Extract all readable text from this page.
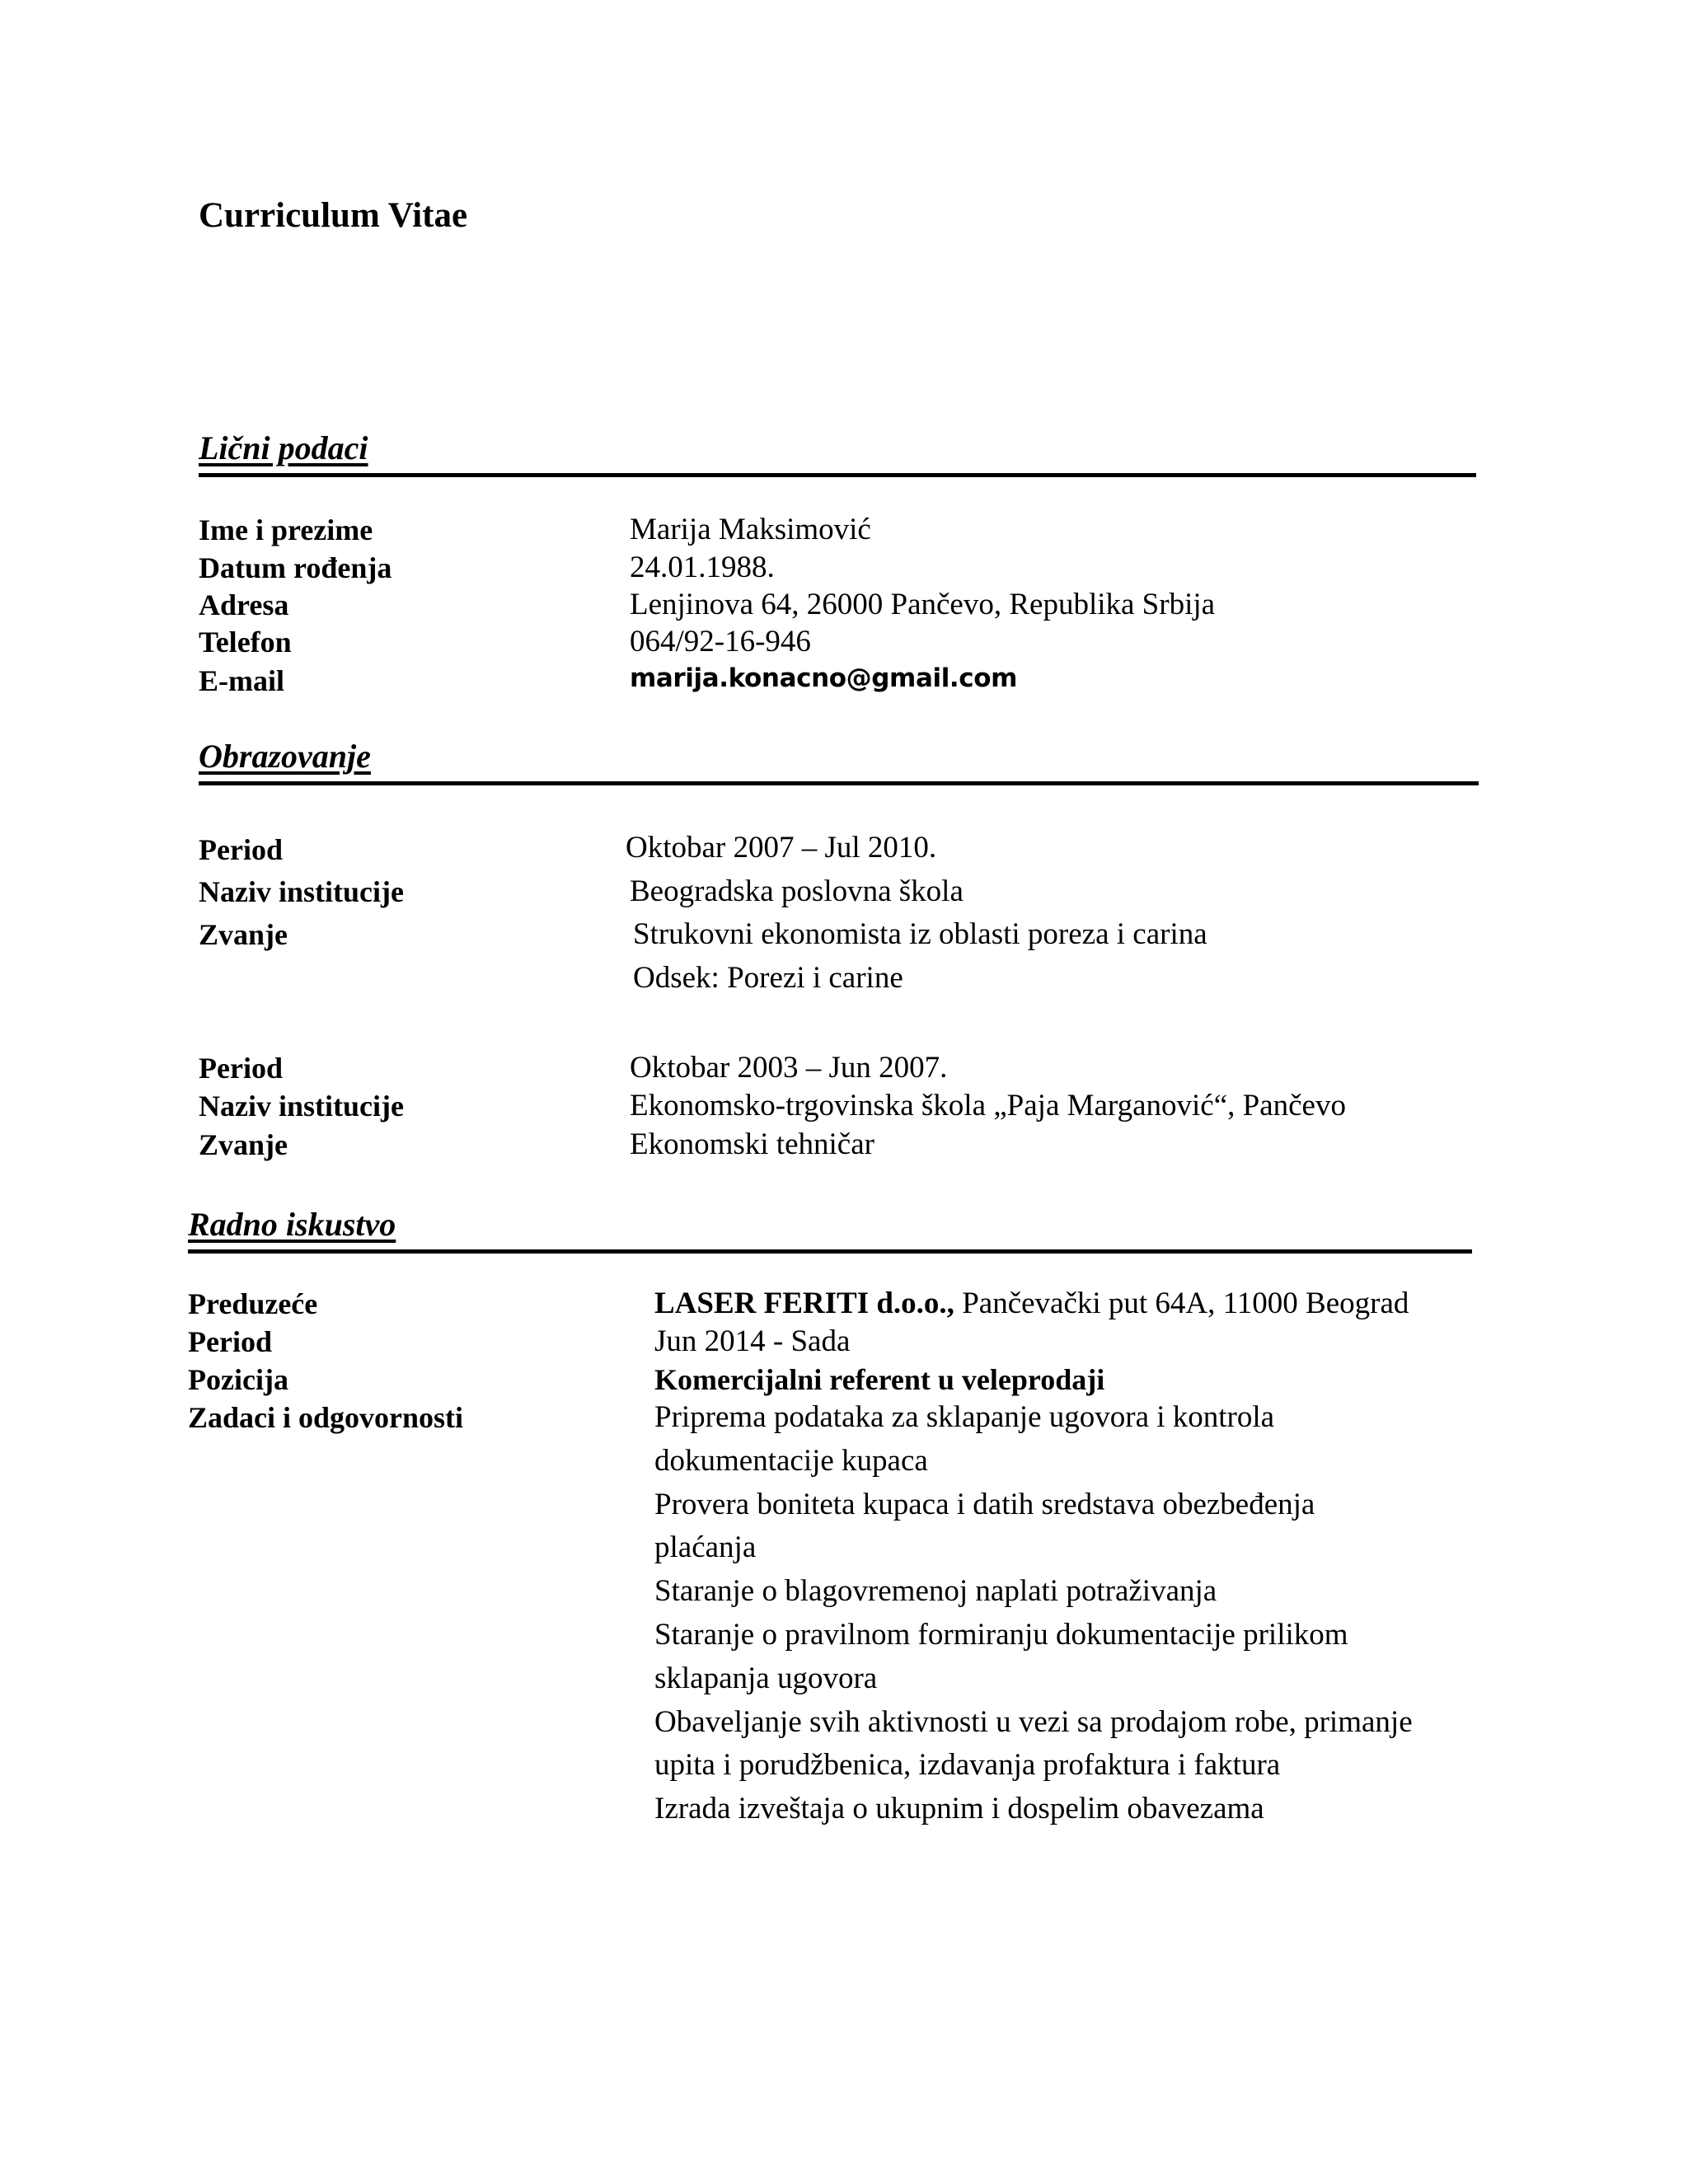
Curriculum Vitae
Lični podaci
Ime i prezime	Marija Maksimović
Datum rođenja	24.01.1988.
Adresa	Lenjinova 64, 26000 Pančevo, Republika Srbija
Telefon	064/92-16-946
E-mail	marija.konacno@gmail.com
Obrazovanje
Period	Oktobar 2007 – Jul 2010.
Naziv institucije	Beogradska poslovna škola
Zvanje	Strukovni ekonomista iz oblasti poreza i carina
Odsek: Porezi i carine
Period	Oktobar 2003 – Jun 2007.
Naziv institucije	Ekonomsko-trgovinska škola „Paja Marganović“, Pančevo
Zvanje	Ekonomski tehničar
Radno iskustvo
Preduzeće	LASER FERITI d.o.o., Pančevački put 64A, 11000 Beograd
Period	Jun 2014 - Sada
Pozicija	Komercijalni referent u veleprodaji
Zadaci i odgovornosti	Priprema podataka za sklapanje ugovora i kontrola
dokumentacije kupaca
Provera boniteta kupaca i datih sredstava obezbeđenja
plaćanja
Staranje o blagovremenoj naplati potraživanja
Staranje o pravilnom formiranju dokumentacije prilikom
sklapanja ugovora
Obaveljanje svih aktivnosti u vezi sa prodajom robe, primanje
upita i porudžbenica, izdavanja profaktura i faktura
Izrada izveštaja o ukupnim i dospelim obavezama
